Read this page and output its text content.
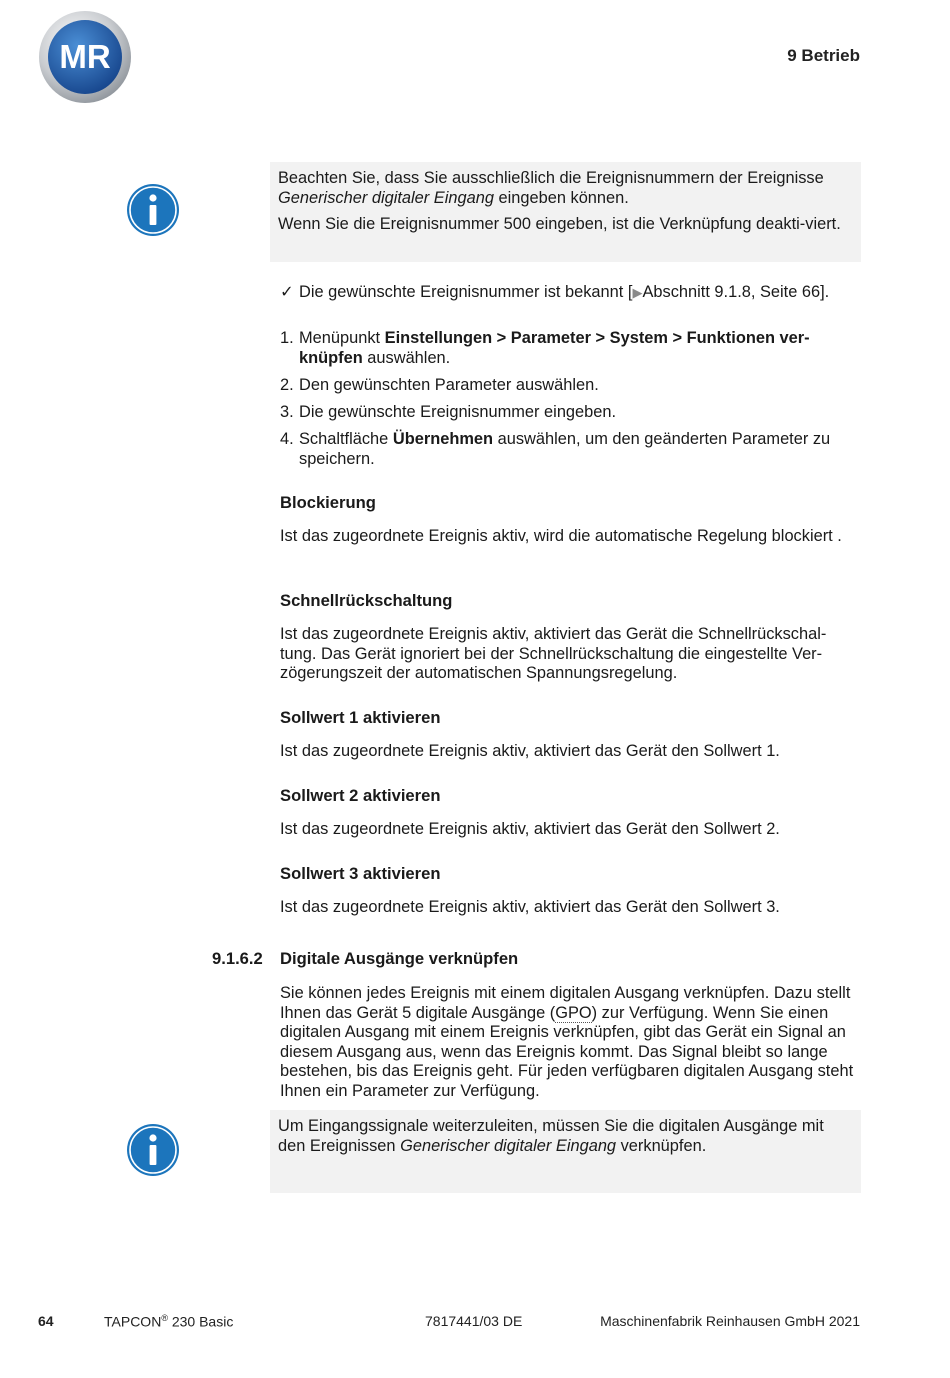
MR	9 Betrieb

Beachten Sie, dass Sie ausschließlich die Ereignisnummern der Ereignisse Generischer digitaler Eingang eingeben können.

Wenn Sie die Ereignisnummer 500 eingeben, ist die Verknüpfung deakti-viert.

✓ Die gewünschte Ereignisnummer ist bekannt [▶Abschnitt 9.1.8, Seite 66].
1. Menüpunkt Einstellungen > Parameter > System > Funktionen ver-knüpfen auswählen.
2. Den gewünschten Parameter auswählen.
3. Die gewünschte Ereignisnummer eingeben.
4. Schaltfläche Übernehmen auswählen, um den geänderten Parameter zu speichern.
Blockierung
Ist das zugeordnete Ereignis aktiv, wird die automatische Regelung blockiert .
Schnellrückschaltung
Ist das zugeordnete Ereignis aktiv, aktiviert das Gerät die Schnellrückschal-tung. Das Gerät ignoriert bei der Schnellrückschaltung die eingestellte Ver-zögerungszeit der automatischen Spannungsregelung.
Sollwert 1 aktivieren
Ist das zugeordnete Ereignis aktiv, aktiviert das Gerät den Sollwert 1.
Sollwert 2 aktivieren
Ist das zugeordnete Ereignis aktiv, aktiviert das Gerät den Sollwert 2.
Sollwert 3 aktivieren
Ist das zugeordnete Ereignis aktiv, aktiviert das Gerät den Sollwert 3.
9.1.6.2 Digitale Ausgänge verknüpfen
Sie können jedes Ereignis mit einem digitalen Ausgang verknüpfen. Dazu stellt Ihnen das Gerät 5 digitale Ausgänge (GPO) zur Verfügung. Wenn Sie einen digitalen Ausgang mit einem Ereignis verknüpfen, gibt das Gerät ein Signal an diesem Ausgang aus, wenn das Ereignis kommt. Das Signal bleibt so lange bestehen, bis das Ereignis geht. Für jeden verfügbaren digitalen Ausgang steht Ihnen ein Parameter zur Verfügung.

Um Eingangssignale weiterzuleiten, müssen Sie die digitalen Ausgänge mit den Ereignissen Generischer digitaler Eingang verknüpfen.

64	TAPCON® 230 Basic	7817441/03 DE	Maschinenfabrik Reinhausen GmbH 2021
